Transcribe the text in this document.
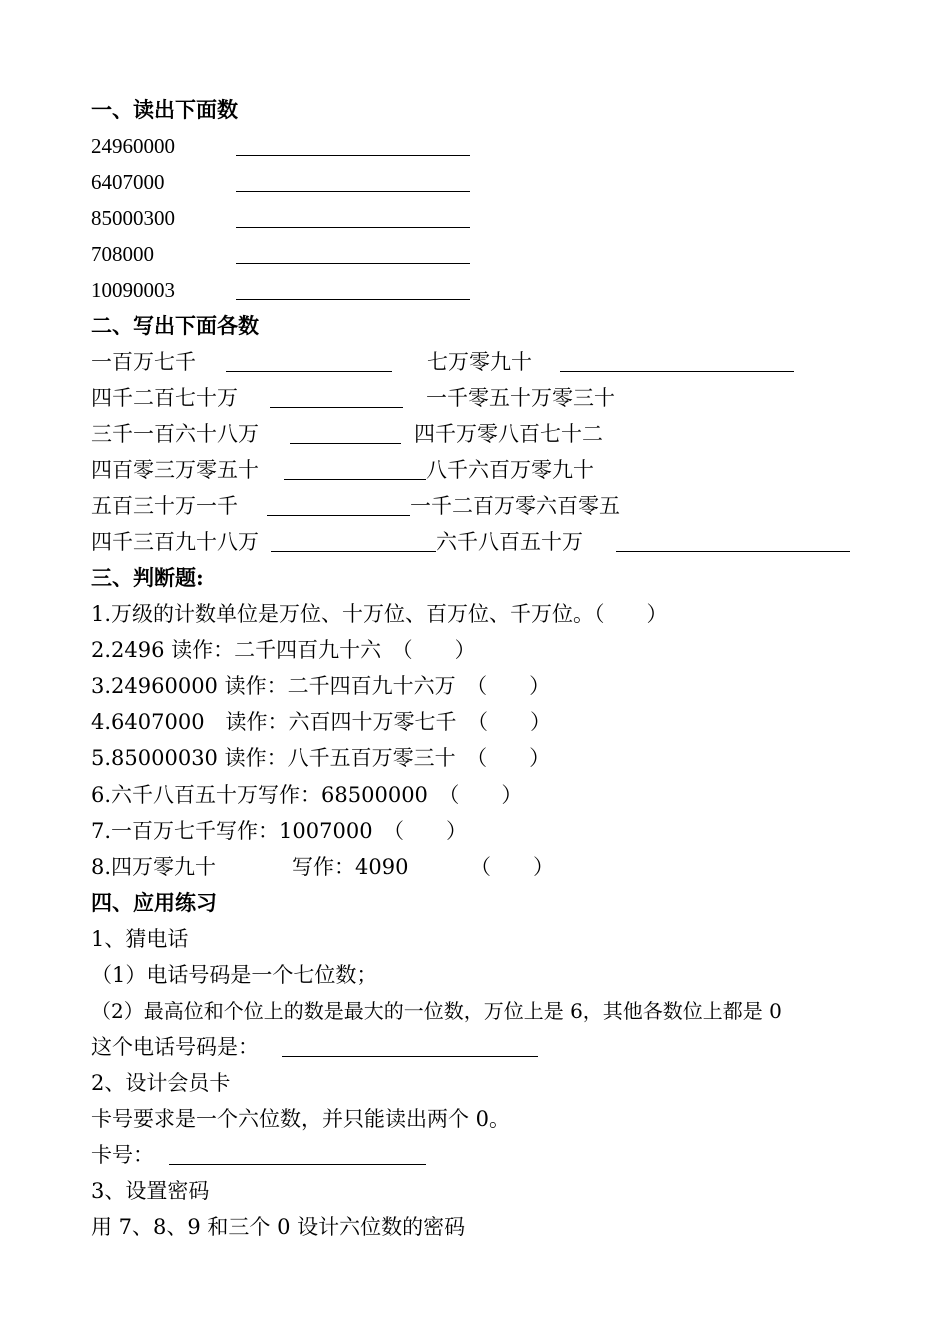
一、读出下面数
24960000
6407000
85000300
708000
10090003
二、写出下面各数
一百万七千	七万零九十
四千二百七十万	一千零五十万零三十
三千一百六十八万	四千万零八百七十二
四百零三万零五十	八千六百万零九十
五百三十万一千	一千二百万零六百零五
四千三百九十八万	六千八百五十万
三、判断题:
1.万级的计数单位是万位、十万位、百万位、千万位。（　　）
2.2496 读作：二千四百九十六　（　　）
3.24960000 读作：二千四百九十六万　（　　）
4.6407000　读作：六百四十万零七千　（　　）
5.85000030 读作：八千五百万零三十　（　　）
6.六千八百五十万写作：68500000　（　　）
7.一百万七千写作：1007000　（　　）
8.四万零九十	写作：4090	（　　）
四、应用练习
1、猜电话
（1）电话号码是一个七位数；
（2）最高位和个位上的数是最大的一位数，万位上是 6，其他各数位上都是 0
这个电话号码是：
2、设计会员卡
卡号要求是一个六位数，并只能读出两个 0。
卡号：
3、设置密码
用 7、8、9 和三个 0 设计六位数的密码
